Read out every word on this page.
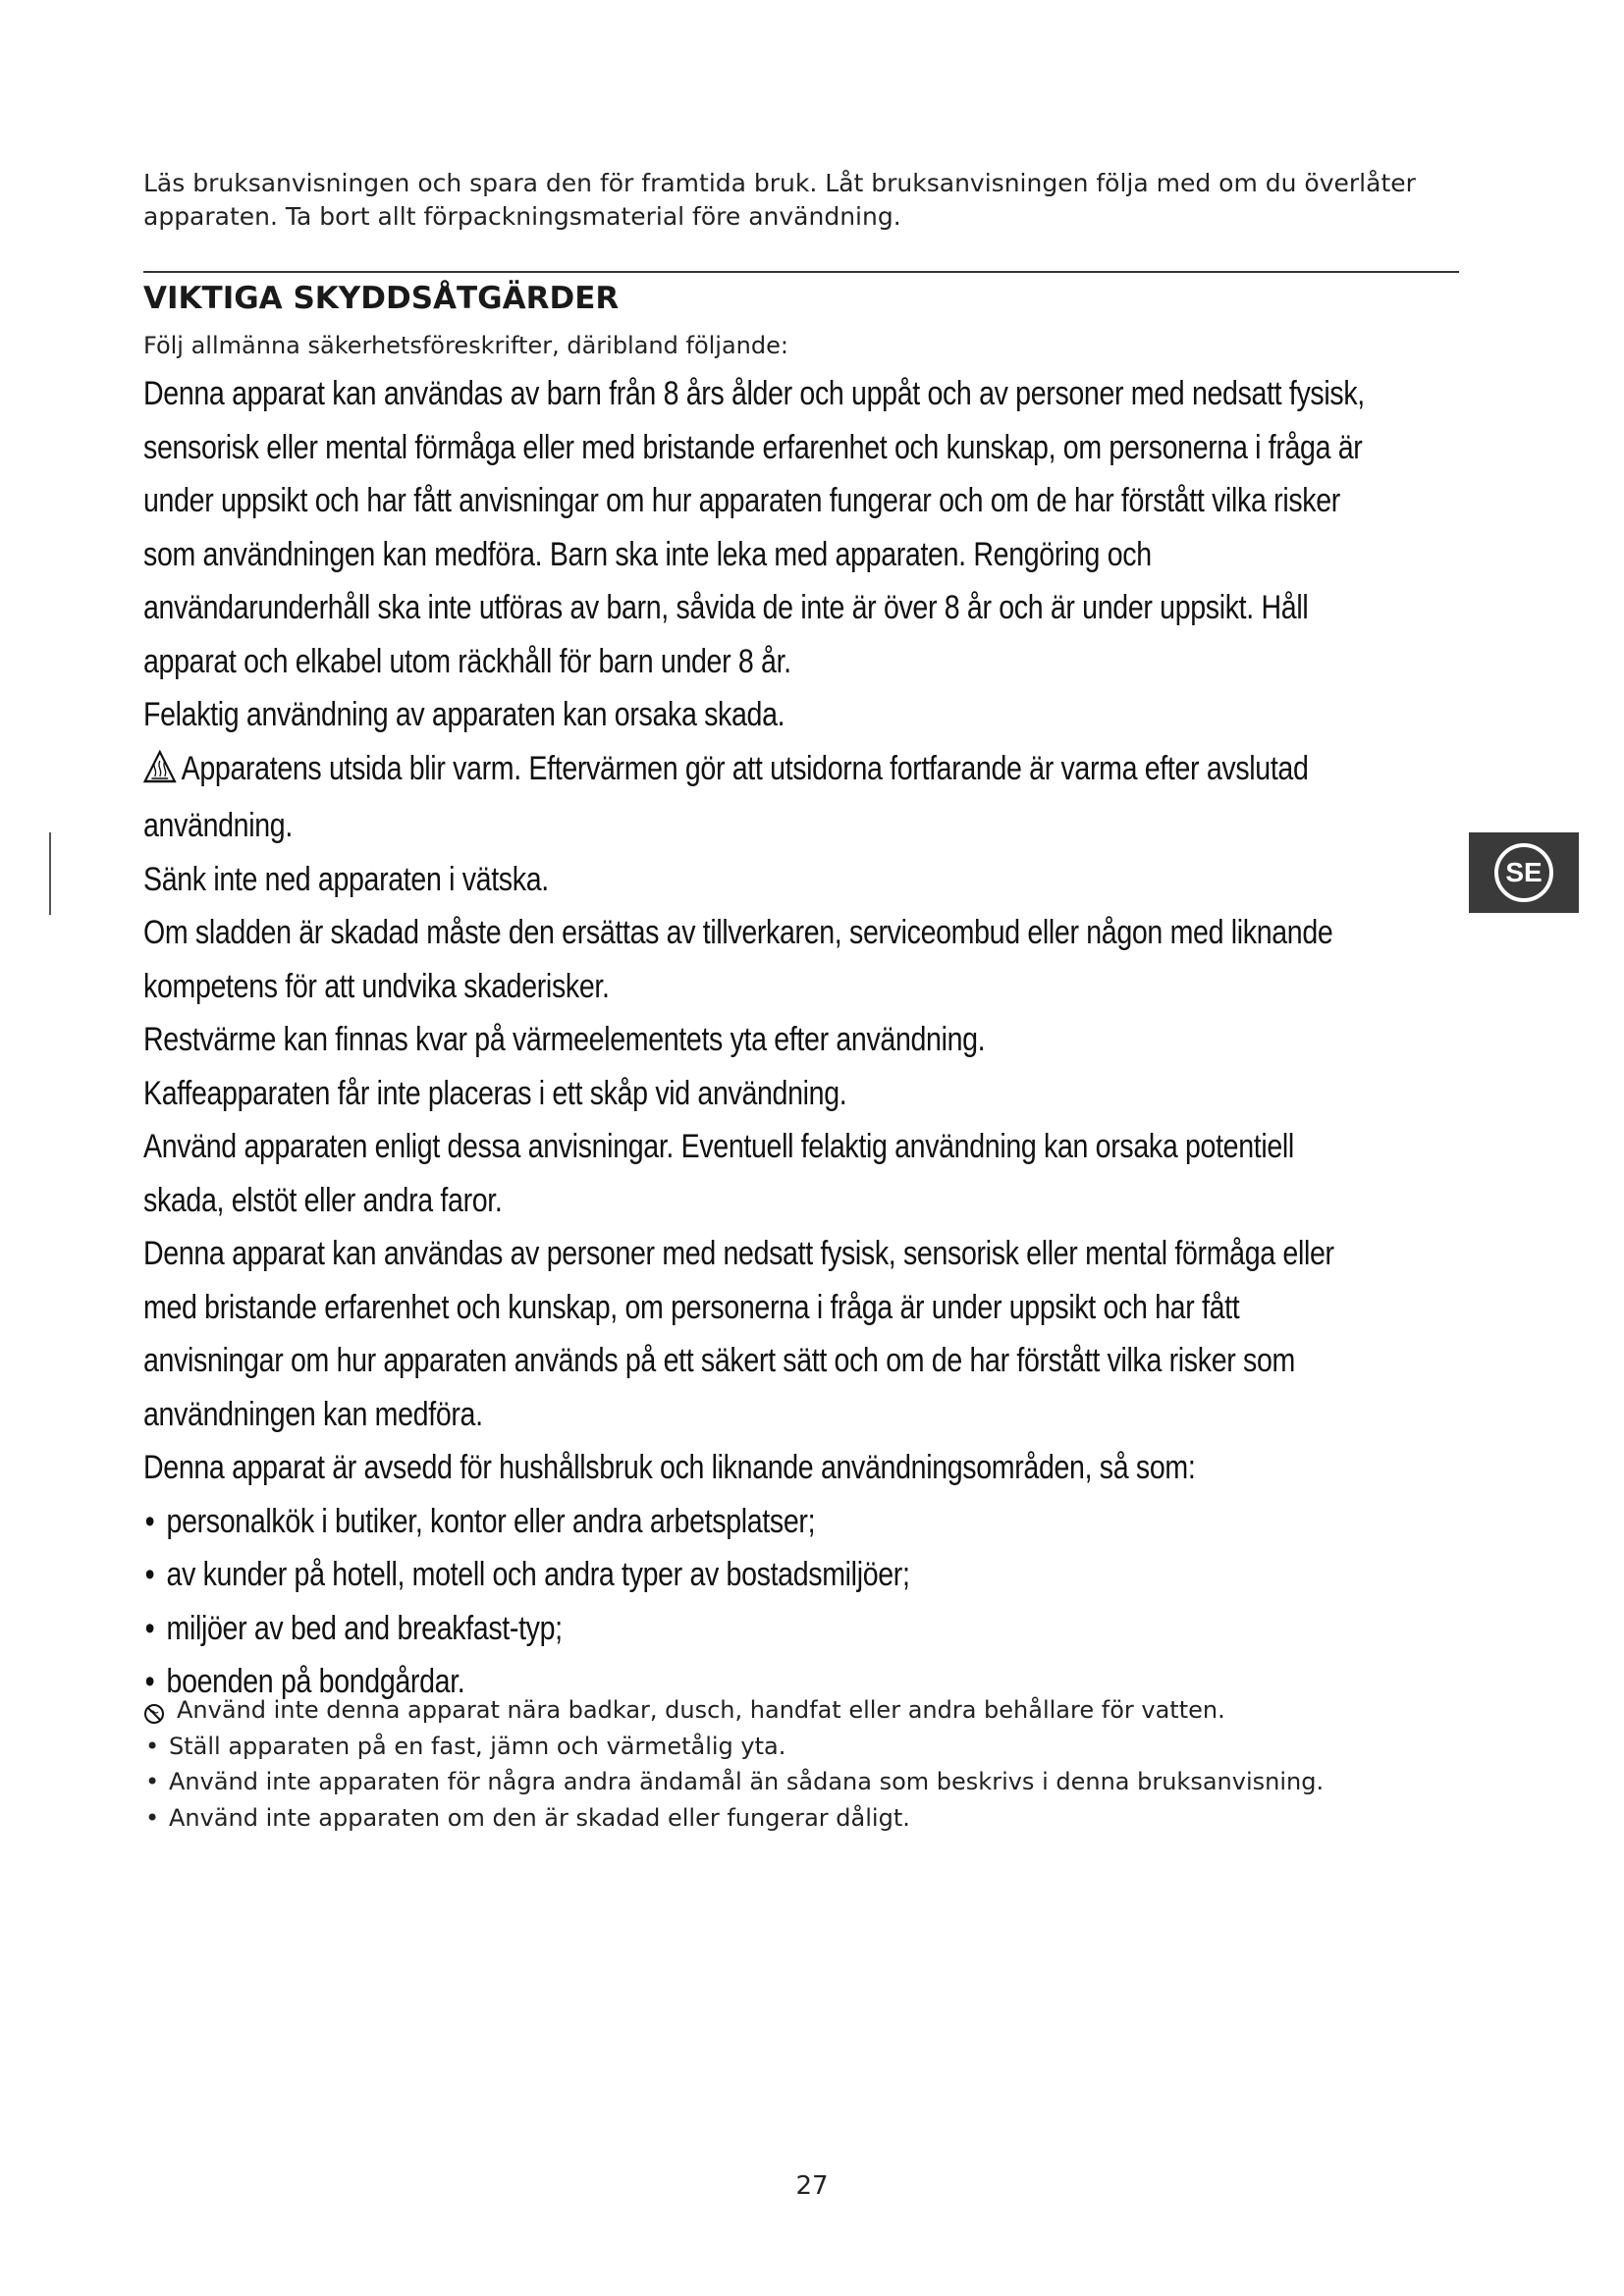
Läs bruksanvisningen och spara den för framtida bruk. Låt bruksanvisningen följa med om du överlåter
apparaten. Ta bort allt förpackningsmaterial före användning.
VIKTIGA SKYDDSÅTGÄRDER
Följ allmänna säkerhetsföreskrifter, däribland följande:

Denna apparat kan användas av barn från 8 års ålder och uppåt och av personer med nedsatt fysisk,
sensorisk eller mental förmåga eller med bristande erfarenhet och kunskap, om personerna i fråga är
under uppsikt och har fått anvisningar om hur apparaten fungerar och om de har förstått vilka risker
som användningen kan medföra. Barn ska inte leka med apparaten. Rengöring och
användarunderhåll ska inte utföras av barn, såvida de inte är över 8 år och är under uppsikt. Håll
apparat och elkabel utom räckhåll för barn under 8 år.

Felaktig användning av apparaten kan orsaka skada.

Apparatens utsida blir varm. Eftervärmen gör att utsidorna fortfarande är varma efter avslutad
användning.

Sänk inte ned apparaten i vätska.

Om sladden är skadad måste den ersättas av tillverkaren, serviceombud eller någon med liknande
kompetens för att undvika skaderisker.

Restvärme kan finnas kvar på värmeelementets yta efter användning.

Kaffeapparaten får inte placeras i ett skåp vid användning.

Använd apparaten enligt dessa anvisningar. Eventuell felaktig användning kan orsaka potentiell
skada, elstöt eller andra faror.

Denna apparat kan användas av personer med nedsatt fysisk, sensorisk eller mental förmåga eller
med bristande erfarenhet och kunskap, om personerna i fråga är under uppsikt och har fått
anvisningar om hur apparaten används på ett säkert sätt och om de har förstått vilka risker som
användningen kan medföra.

Denna apparat är avsedd för hushållsbruk och liknande användningsområden, så som:

• personalkök i butiker, kontor eller andra arbetsplatser;
• av kunder på hotell, motell och andra typer av bostadsmiljöer;
• miljöer av bed and breakfast-typ;
• boenden på bondgårdar.

Använd inte denna apparat nära badkar, dusch, handfat eller andra behållare för vatten.

• Ställ apparaten på en fast, jämn och värmetålig yta.

• Använd inte apparaten för några andra ändamål än sådana som beskrivs i denna bruksanvisning.

• Använd inte apparaten om den är skadad eller fungerar dåligt.

SE
27
